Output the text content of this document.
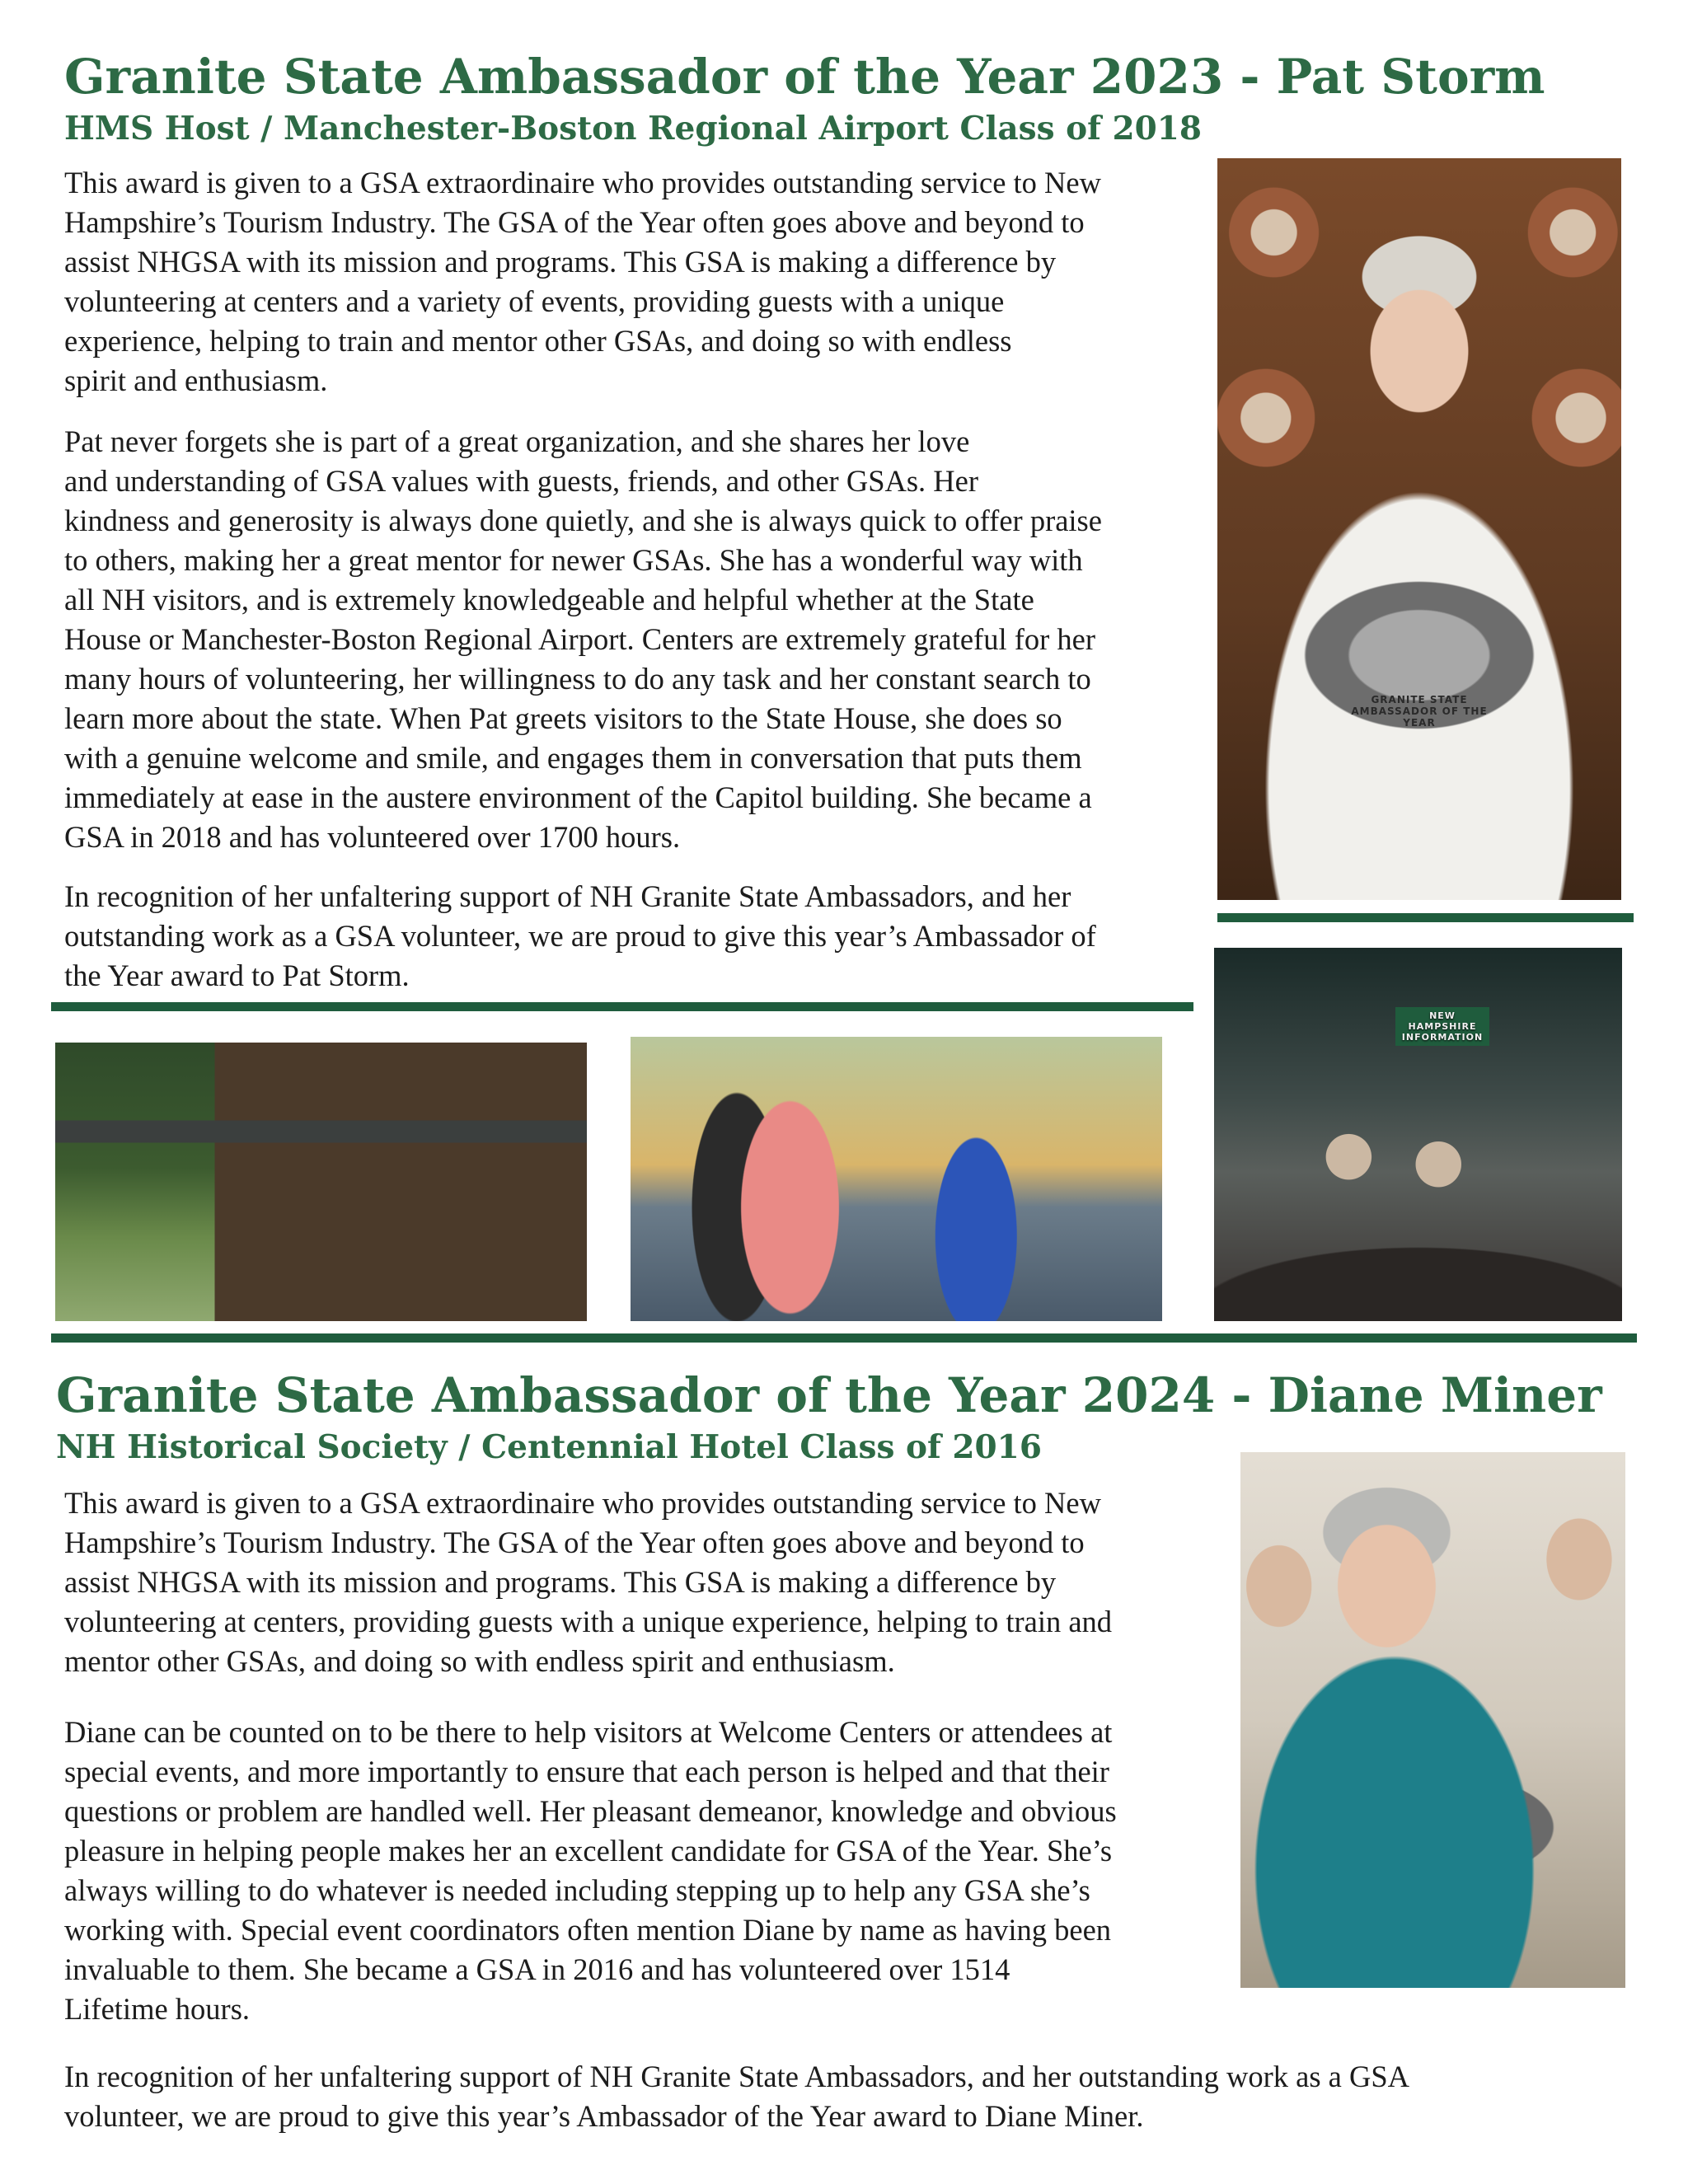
Granite State Ambassador of the Year 2023 - Pat Storm
HMS Host / Manchester-Boston Regional Airport Class of 2018

This award is given to a GSA extraordinaire who provides outstanding service to New
Hampshire’s Tourism Industry. The GSA of the Year often goes above and beyond to
assist NHGSA with its mission and programs. This GSA is making a difference by
volunteering at centers and a variety of events, providing guests with a unique
experience, helping to train and mentor other GSAs, and doing so with endless
spirit and enthusiasm.

Pat never forgets she is part of a great organization, and she shares her love
and understanding of GSA values with guests, friends, and other GSAs. Her
kindness and generosity is always done quietly, and she is always quick to offer praise
to others, making her a great mentor for newer GSAs. She has a wonderful way with
all NH visitors, and is extremely knowledgeable and helpful whether at the State
House or Manchester-Boston Regional Airport. Centers are extremely grateful for her
many hours of volunteering, her willingness to do any task and her constant search to
learn more about the state. When Pat greets visitors to the State House, she does so
with a genuine welcome and smile, and engages them in conversation that puts them
immediately at ease in the austere environment of the Capitol building. She became a
GSA in 2018 and has volunteered over 1700 hours.

In recognition of her unfaltering support of NH Granite State Ambassadors, and her
outstanding work as a GSA volunteer, we are proud to give this year’s Ambassador of
the Year award to Pat Storm.

GRANITE STATE AMBASSADOR OF THE YEAR
NEW HAMPSHIRE INFORMATION
Granite State Ambassador of the Year 2024 - Diane Miner
NH Historical Society / Centennial Hotel Class of 2016

This award is given to a GSA extraordinaire who provides outstanding service to New
Hampshire’s Tourism Industry. The GSA of the Year often goes above and beyond to
assist NHGSA with its mission and programs. This GSA is making a difference by
volunteering at centers, providing guests with a unique experience, helping to train and
mentor other GSAs, and doing so with endless spirit and enthusiasm.

Diane can be counted on to be there to help visitors at Welcome Centers or attendees at
special events, and more importantly to ensure that each person is helped and that their
questions or problem are handled well. Her pleasant demeanor, knowledge and obvious
pleasure in helping people makes her an excellent candidate for GSA of the Year. She’s
always willing to do whatever is needed including stepping up to help any GSA she’s
working with. Special event coordinators often mention Diane by name as having been
invaluable to them. She became a GSA in 2016 and has volunteered over 1514
Lifetime hours.

In recognition of her unfaltering support of NH Granite State Ambassadors, and her outstanding work as a GSA
volunteer, we are proud to give this year’s Ambassador of the Year award to Diane Miner.
